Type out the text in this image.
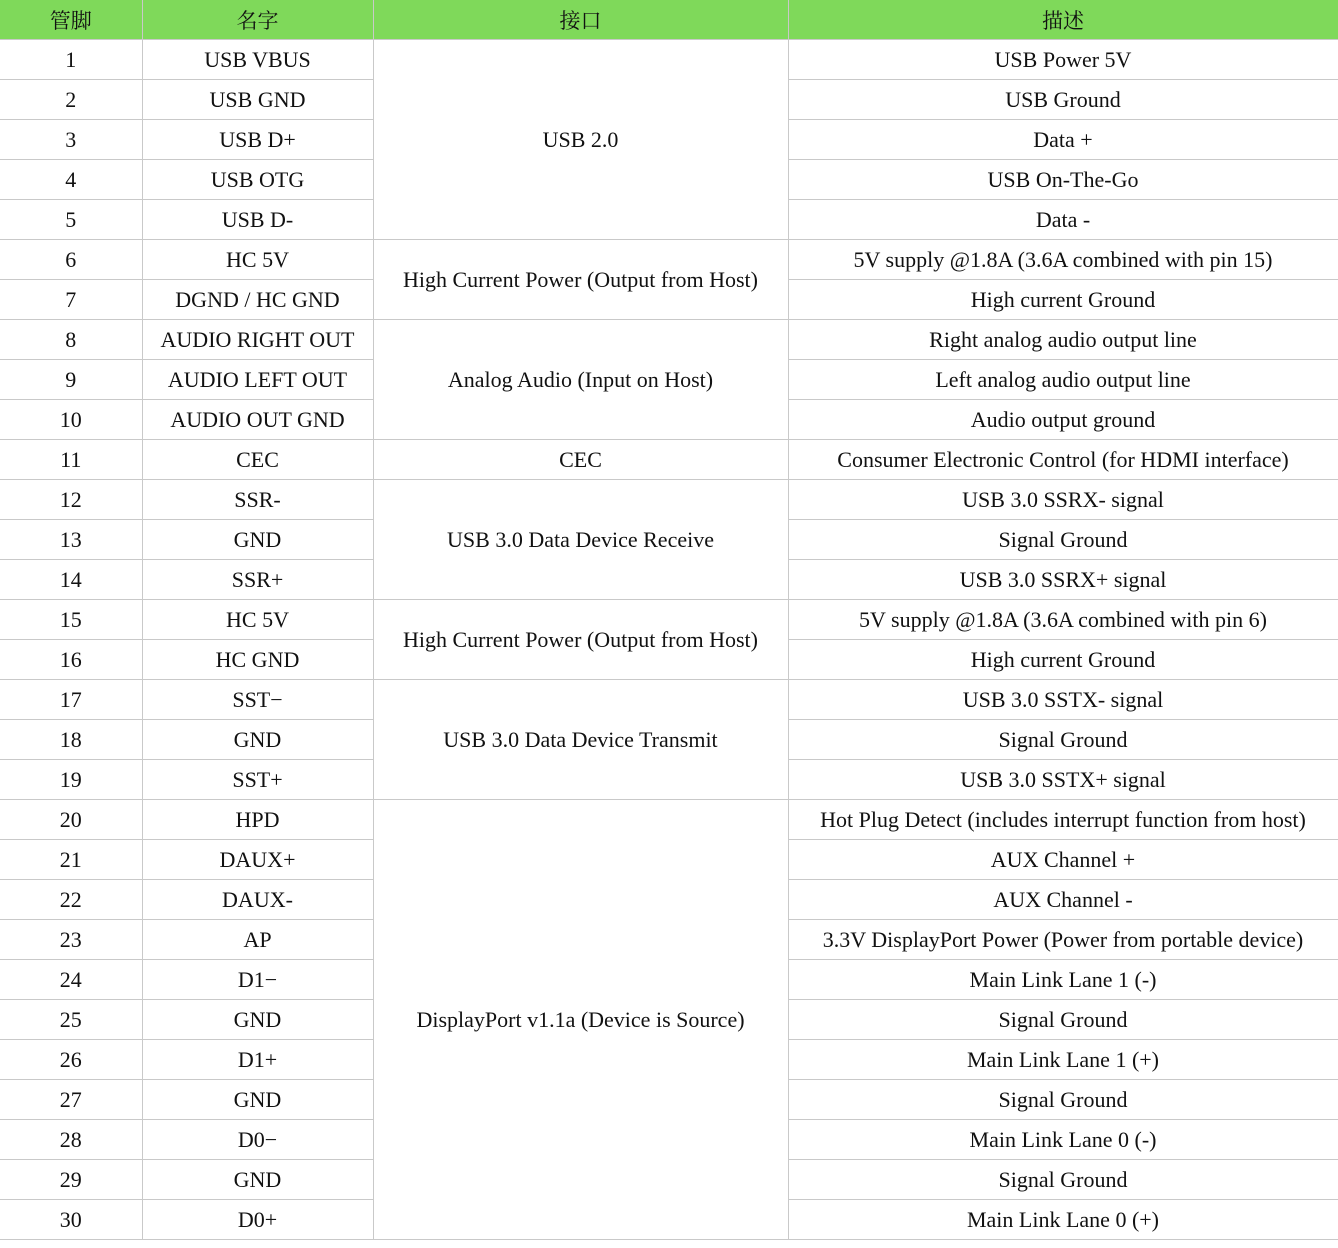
管脚	名字	接口	描述
1	USB VBUS	USB 2.0	USB Power 5V
2	USB GND		USB Ground
3	USB D+		Data +
4	USB OTG		USB On-The-Go
5	USB D-		Data -
6	HC 5V	High Current Power (Output from Host)	5V supply @1.8A (3.6A combined with pin 15)
7	DGND / HC GND		High current Ground
8	AUDIO RIGHT OUT	Analog Audio (Input on Host)	Right analog audio output line
9	AUDIO LEFT OUT		Left analog audio output line
10	AUDIO OUT GND		Audio output ground
11	CEC	CEC	Consumer Electronic Control (for HDMI interface)
12	SSR-	USB 3.0 Data Device Receive	USB 3.0 SSRX- signal
13	GND		Signal Ground
14	SSR+		USB 3.0 SSRX+ signal
15	HC 5V	High Current Power (Output from Host)	5V supply @1.8A (3.6A combined with pin 6)
16	HC GND		High current Ground
17	SST−	USB 3.0 Data Device Transmit	USB 3.0 SSTX- signal
18	GND		Signal Ground
19	SST+		USB 3.0 SSTX+ signal
20	HPD	DisplayPort v1.1a (Device is Source)	Hot Plug Detect (includes interrupt function from host)
21	DAUX+		AUX Channel +
22	DAUX-		AUX Channel -
23	AP		3.3V DisplayPort Power (Power from portable device)
24	D1−		Main Link Lane 1 (-)
25	GND		Signal Ground
26	D1+		Main Link Lane 1 (+)
27	GND		Signal Ground
28	D0−		Main Link Lane 0 (-)
29	GND		Signal Ground
30	D0+		Main Link Lane 0 (+)
